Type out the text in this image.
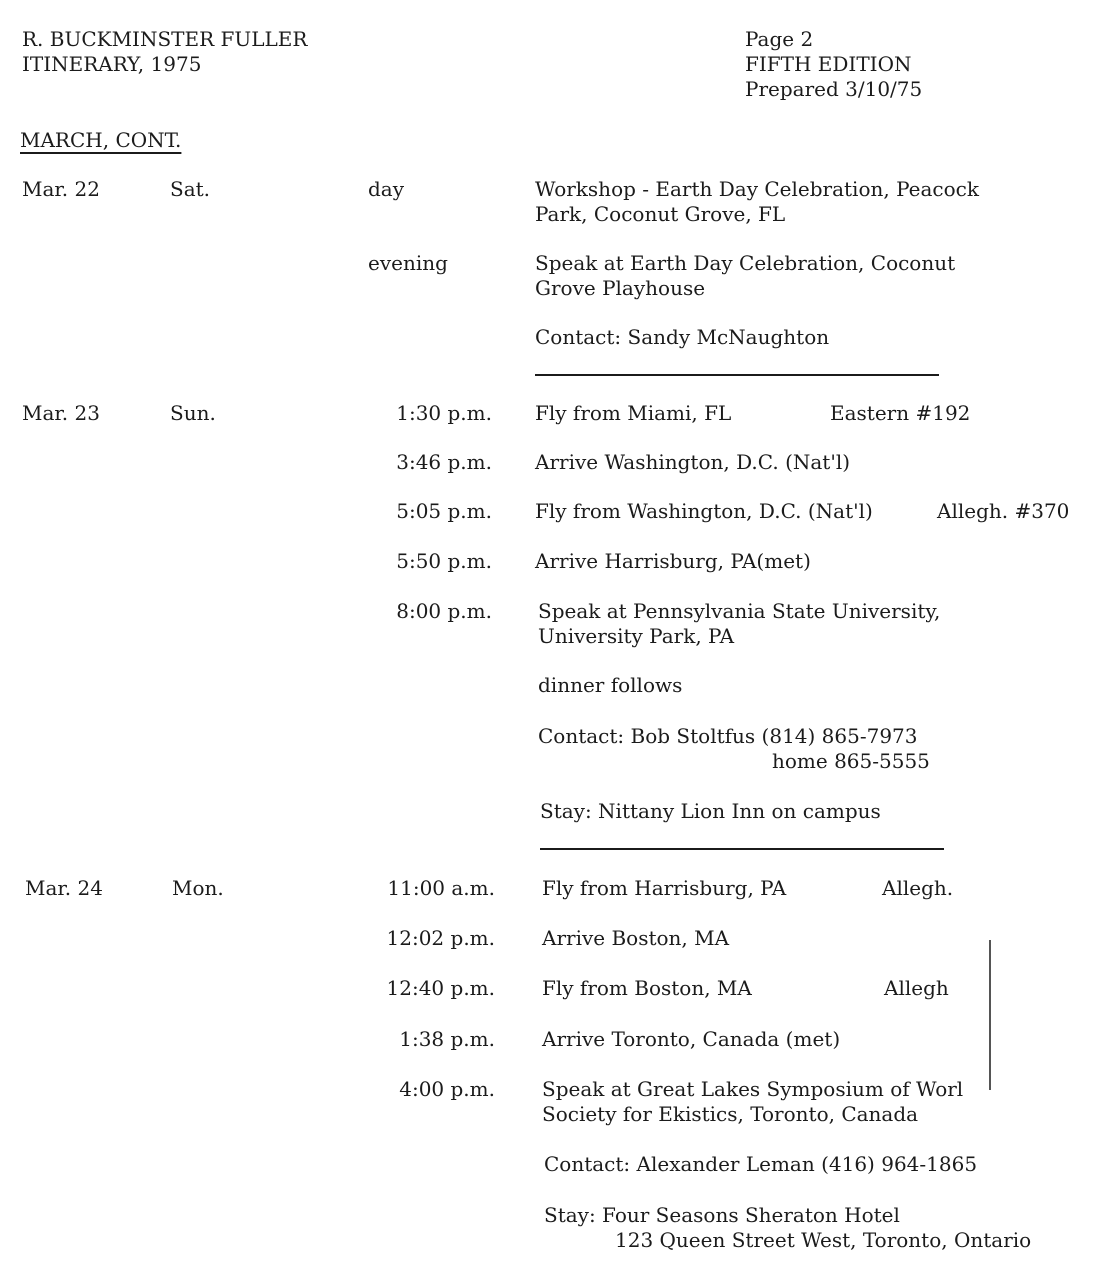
R. BUCKMINSTER FULLER
ITINERARY, 1975
Page 2
FIFTH EDITION
Prepared 3/10/75
MARCH, CONT.
Mar. 22	Sat.	day	Workshop - Earth Day Celebration, Peacock
Park, Coconut Grove, FL
evening	Speak at Earth Day Celebration, Coconut
Grove Playhouse
Contact: Sandy McNaughton
Mar. 23	Sun.	1:30 p.m. Fly from Miami, FL	Eastern #192
3:46 p.m. Arrive Washington, D.C. (Nat'l)
5:05 p.m. Fly from Washington, D.C. (Nat'l)	Allegh. #370
5:50 p.m. Arrive Harrisburg, PA(met)
8:00 p.m. Speak at Pennsylvania State University,
University Park, PA
dinner follows
Contact: Bob Stoltfus (814) 865-7973
home 865-5555
Stay: Nittany Lion Inn on campus
Mar. 24	Mon.	11:00 a.m. Fly from Harrisburg, PA	Allegh.
12:02 p.m. Arrive Boston, MA
12:40 p.m. Fly from Boston, MA	Allegh
1:38 p.m. Arrive Toronto, Canada (met)
4:00 p.m. Speak at Great Lakes Symposium of Worl
Society for Ekistics, Toronto, Canada
Contact: Alexander Leman (416) 964-1865
Stay: Four Seasons Sheraton Hotel
123 Queen Street West, Toronto, Ontario
